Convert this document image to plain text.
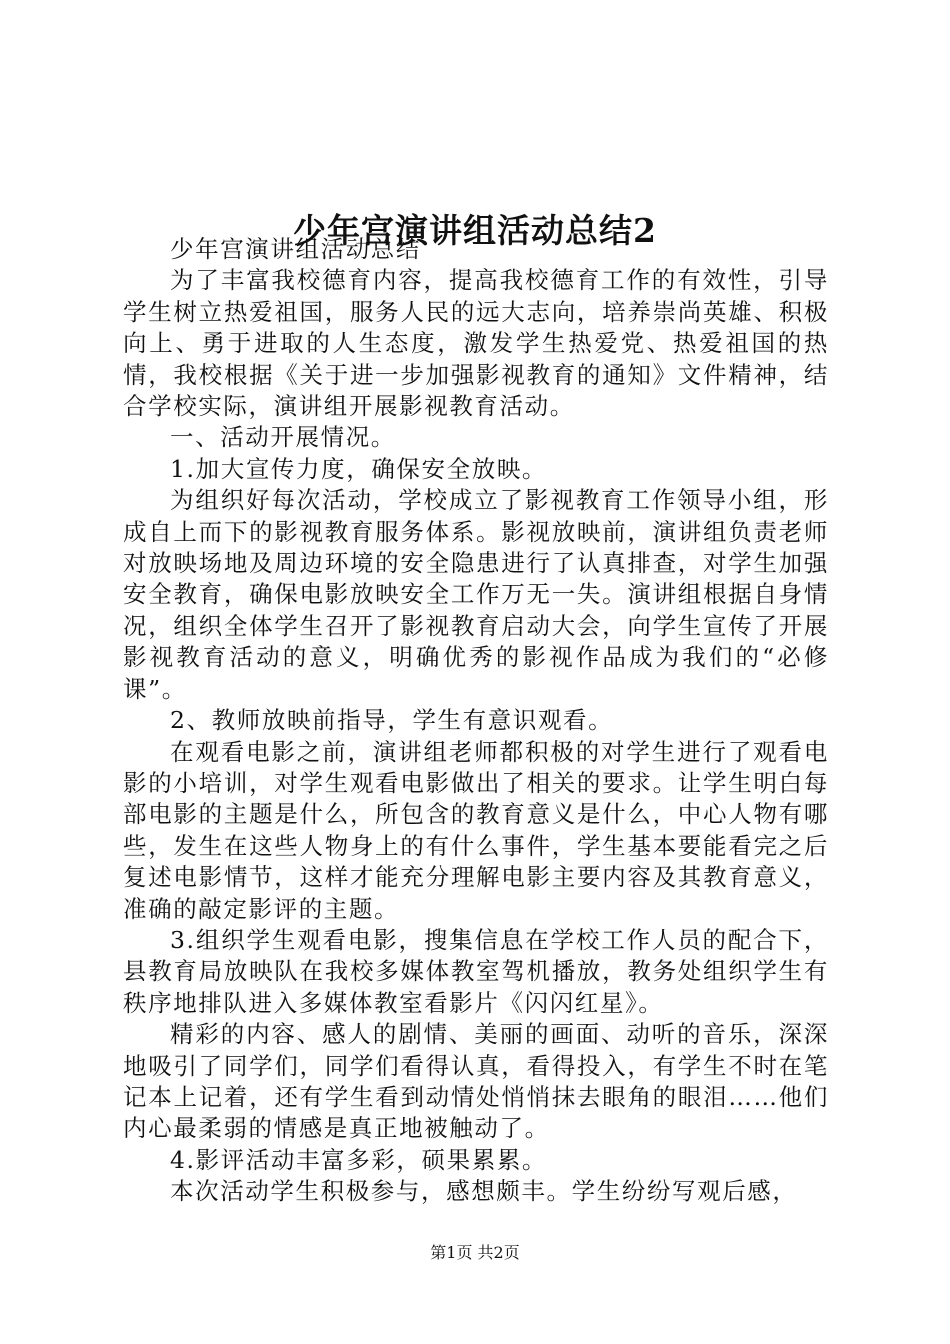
少年宫演讲组活动总结2

少年宫演讲组活动总结

为了丰富我校德育内容，提高我校德育工作的有效性，引导学生树立热爱祖国，服务人民的远大志向，培养崇尚英雄、积极向上、勇于进取的人生态度，激发学生热爱党、热爱祖国的热情，我校根据《关于进一步加强影视教育的通知》文件精神，结合学校实际，演讲组开展影视教育活动。

一、活动开展情况。

1.加大宣传力度，确保安全放映。

为组织好每次活动，学校成立了影视教育工作领导小组，形成自上而下的影视教育服务体系。影视放映前，演讲组负责老师对放映场地及周边环境的安全隐患进行了认真排查，对学生加强安全教育，确保电影放映安全工作万无一失。演讲组根据自身情况，组织全体学生召开了影视教育启动大会，向学生宣传了开展影视教育活动的意义，明确优秀的影视作品成为我们的“必修课”。

2、教师放映前指导，学生有意识观看。

在观看电影之前，演讲组老师都积极的对学生进行了观看电影的小培训，对学生观看电影做出了相关的要求。让学生明白每部电影的主题是什么，所包含的教育意义是什么，中心人物有哪些，发生在这些人物身上的有什么事件，学生基本要能看完之后复述电影情节，这样才能充分理解电影主要内容及其教育意义，准确的敲定影评的主题。

3.组织学生观看电影，搜集信息在学校工作人员的配合下，县教育局放映队在我校多媒体教室驾机播放，教务处组织学生有秩序地排队进入多媒体教室看影片《闪闪红星》。

精彩的内容、感人的剧情、美丽的画面、动听的音乐，深深地吸引了同学们，同学们看得认真，看得投入，有学生不时在笔记本上记着，还有学生看到动情处悄悄抹去眼角的眼泪……他们内心最柔弱的情感是真正地被触动了。

4.影评活动丰富多彩，硕果累累。

本次活动学生积极参与，感想颇丰。学生纷纷写观后感，

第1页 共2页
